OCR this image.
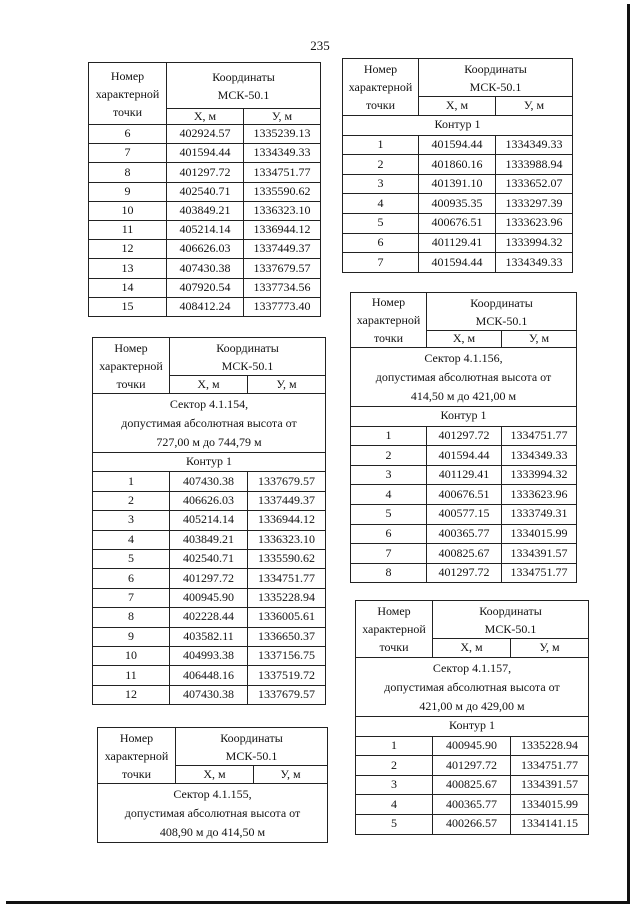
235
Номер
характерной
точки	Координаты
МСК-50.1	
	Х, м	У, м
6	402924.57	1335239.13
7	401594.44	1334349.33
8	401297.72	1334751.77
9	402540.71	1335590.62
10	403849.21	1336323.10
11	405214.14	1336944.12
12	406626.03	1337449.37
13	407430.38	1337679.57
14	407920.54	1337734.56
15	408412.24	1337773.40
Номер
характерной
точки	Координаты
МСК-50.1	
	Х, м	У, м
Сектор 4.1.154,
допустимая абсолютная высота от
727,00 м до 744,79 м		
Контур 1		
1	407430.38	1337679.57
2	406626.03	1337449.37
3	405214.14	1336944.12
4	403849.21	1336323.10
5	402540.71	1335590.62
6	401297.72	1334751.77
7	400945.90	1335228.94
8	402228.44	1336005.61
9	403582.11	1336650.37
10	404993.38	1337156.75
11	406448.16	1337519.72
12	407430.38	1337679.57
Номер
характерной
точки	Координаты
МСК-50.1	
	Х, м	У, м
Сектор 4.1.155,
допустимая абсолютная высота от
408,90 м до 414,50 м		
Номер
характерной
точки	Координаты
МСК-50.1	
	Х, м	У, м
Контур 1		
1	401594.44	1334349.33
2	401860.16	1333988.94
3	401391.10	1333652.07
4	400935.35	1333297.39
5	400676.51	1333623.96
6	401129.41	1333994.32
7	401594.44	1334349.33
Номер
характерной
точки	Координаты
МСК-50.1	
	Х, м	У, м
Сектор 4.1.156,
допустимая абсолютная высота от
414,50 м до 421,00 м		
Контур 1		
1	401297.72	1334751.77
2	401594.44	1334349.33
3	401129.41	1333994.32
4	400676.51	1333623.96
5	400577.15	1333749.31
6	400365.77	1334015.99
7	400825.67	1334391.57
8	401297.72	1334751.77
Номер
характерной
точки	Координаты
МСК-50.1	
	Х, м	У, м
Сектор 4.1.157,
допустимая абсолютная высота от
421,00 м до 429,00 м		
Контур 1		
1	400945.90	1335228.94
2	401297.72	1334751.77
3	400825.67	1334391.57
4	400365.77	1334015.99
5	400266.57	1334141.15
